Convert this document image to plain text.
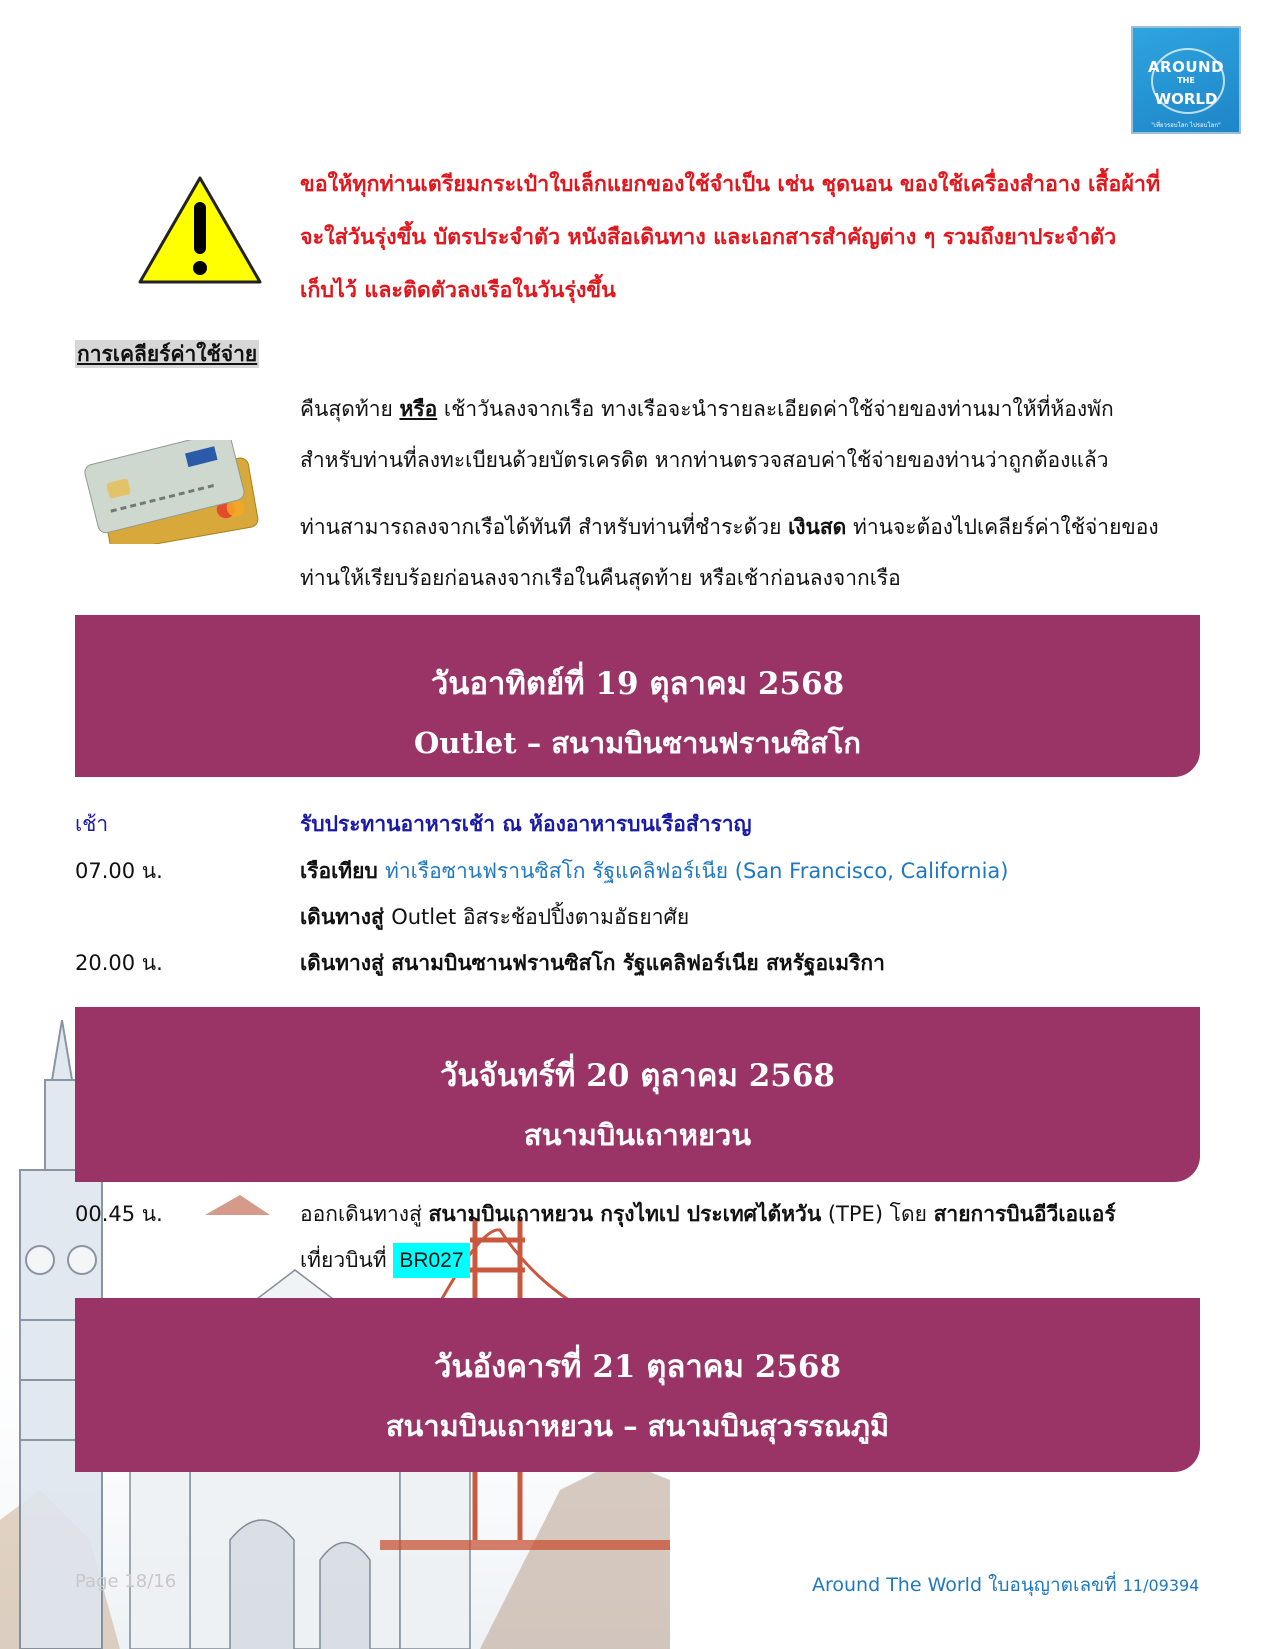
AROUND
THE
WORLD
"เที่ยวรอบโลก ไปรอบโลก"
ขอให้ทุกท่านเตรียมกระเป๋าใบเล็กแยกของใช้จำเป็น เช่น ชุดนอน ของใช้เครื่องสำอาง เสื้อผ้าที่
จะใส่วันรุ่งขึ้น บัตรประจำตัว หนังสือเดินทาง และเอกสารสำคัญต่าง ๆ รวมถึงยาประจำตัว
เก็บไว้ และติดตัวลงเรือในวันรุ่งขึ้น
การเคลียร์ค่าใช้จ่าย
คืนสุดท้าย หรือ เช้าวันลงจากเรือ ทางเรือจะนำรายละเอียดค่าใช้จ่ายของท่านมาให้ที่ห้องพัก
สำหรับท่านที่ลงทะเบียนด้วยบัตรเครดิต หากท่านตรวจสอบค่าใช้จ่ายของท่านว่าถูกต้องแล้ว
ท่านสามารถลงจากเรือได้ทันที สำหรับท่านที่ชำระด้วย เงินสด ท่านจะต้องไปเคลียร์ค่าใช้จ่ายของ
ท่านให้เรียบร้อยก่อนลงจากเรือในคืนสุดท้าย หรือเช้าก่อนลงจากเรือ
วันอาทิตย์ที่ 19 ตุลาคม 2568
Outlet – สนามบินซานฟรานซิสโก
เช้า	รับประทานอาหารเช้า ณ ห้องอาหารบนเรือสำราญ
07.00 น.	เรือเทียบ ท่าเรือซานฟรานซิสโก รัฐแคลิฟอร์เนีย (San Francisco, California)
เดินทางสู่ Outlet อิสระช้อปปิ้งตามอัธยาศัย
20.00 น.	เดินทางสู่ สนามบินซานฟรานซิสโก รัฐแคลิฟอร์เนีย สหรัฐอเมริกา
วันจันทร์ที่ 20 ตุลาคม 2568
สนามบินเถาหยวน
00.45 น.	ออกเดินทางสู่ สนามบินเถาหยวน กรุงไทเป ประเทศไต้หวัน (TPE) โดย สายการบินอีวีเอแอร์
เที่ยวบินที่ BR027
วันอังคารที่ 21 ตุลาคม 2568
สนามบินเถาหยวน – สนามบินสุวรรณภูมิ
Page 18/16	Around The World ใบอนุญาตเลขที่ 11/09394
